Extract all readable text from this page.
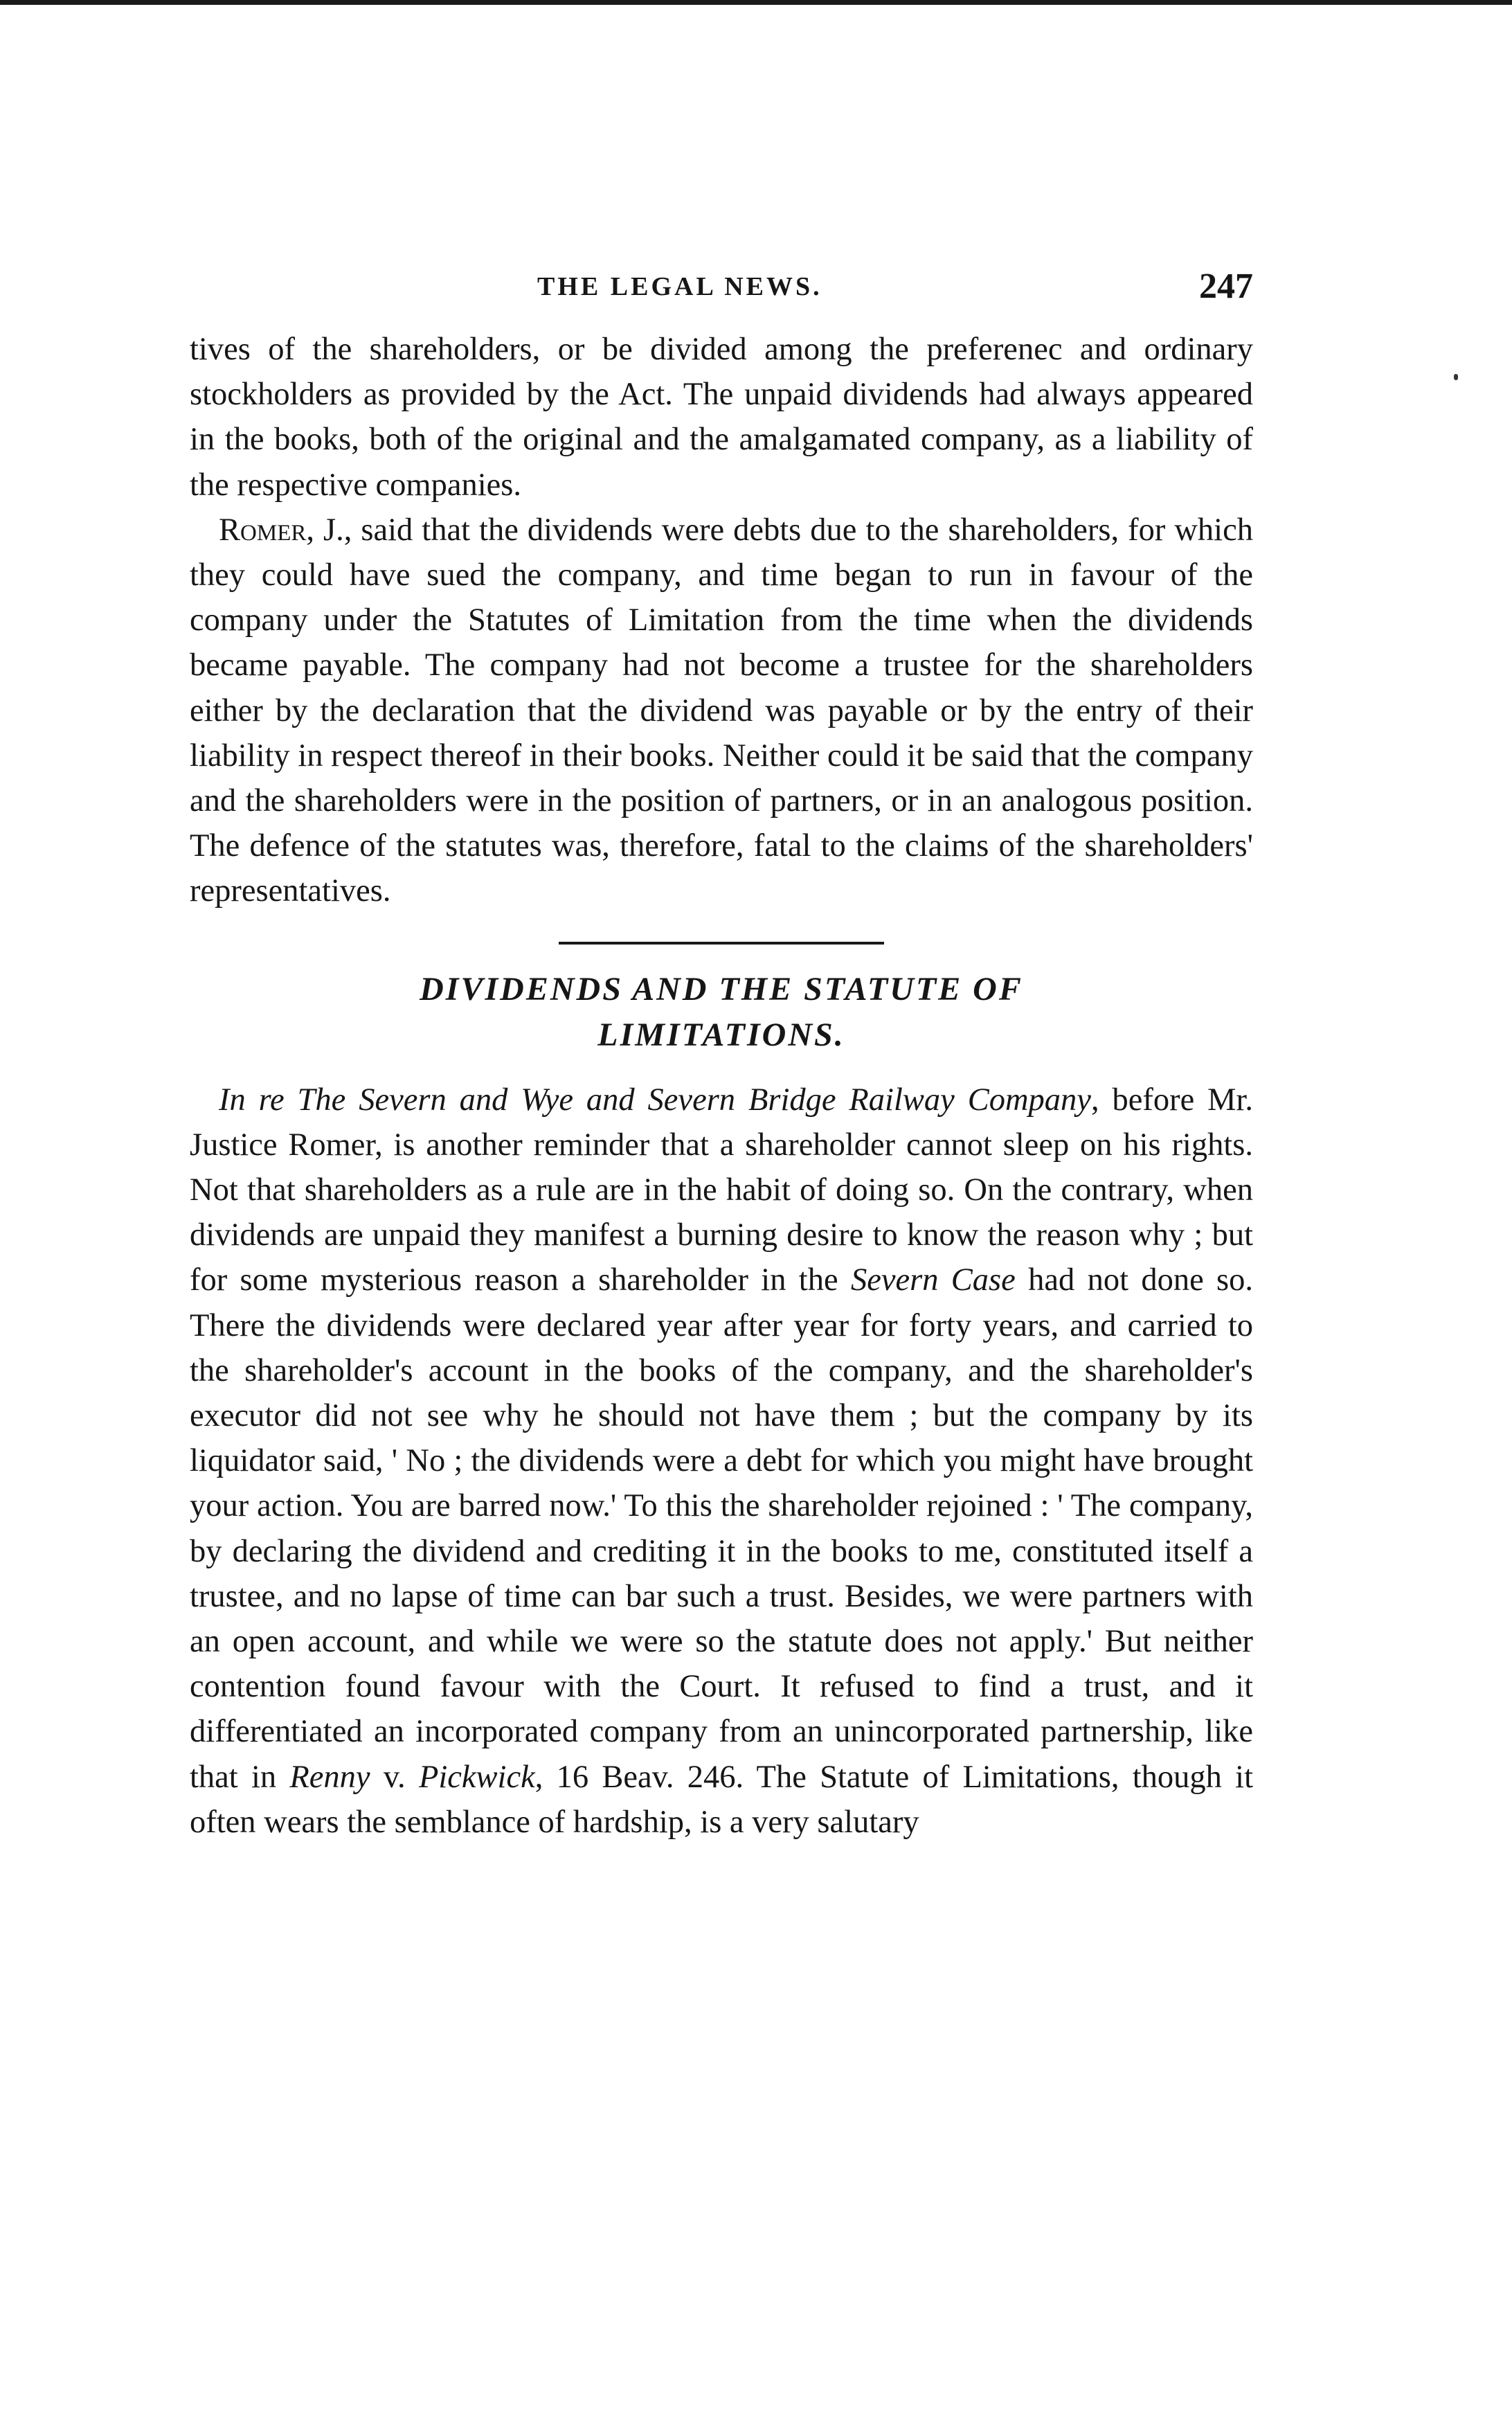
THE LEGAL NEWS.	247

tives of the shareholders, or be divided among the preferenec and ordinary stockholders as provided by the Act. The unpaid dividends had always appeared in the books, both of the original and the amalgamated company, as a liability of the respective companies.

Romer, J., said that the dividends were debts due to the shareholders, for which they could have sued the company, and time began to run in favour of the company under the Statutes of Limitation from the time when the dividends became payable. The company had not become a trustee for the shareholders either by the declaration that the dividend was payable or by the entry of their liability in respect thereof in their books. Neither could it be said that the company and the shareholders were in the position of partners, or in an analogous position. The defence of the statutes was, therefore, fatal to the claims of the shareholders' representatives.

DIVIDENDS AND THE STATUTE OF
LIMITATIONS.

In re The Severn and Wye and Severn Bridge Railway Company, before Mr. Justice Romer, is another reminder that a shareholder cannot sleep on his rights. Not that shareholders as a rule are in the habit of doing so. On the contrary, when dividends are unpaid they manifest a burning desire to know the reason why ; but for some mysterious reason a shareholder in the Severn Case had not done so. There the dividends were declared year after year for forty years, and carried to the shareholder's account in the books of the company, and the shareholder's executor did not see why he should not have them ; but the company by its liquidator said, ' No ; the dividends were a debt for which you might have brought your action. You are barred now.' To this the shareholder rejoined : ' The company, by declaring the dividend and crediting it in the books to me, constituted itself a trustee, and no lapse of time can bar such a trust. Besides, we were partners with an open account, and while we were so the statute does not apply.' But neither contention found favour with the Court. It refused to find a trust, and it differentiated an incorporated company from an unincorporated partnership, like that in Renny v. Pickwick, 16 Beav. 246. The Statute of Limitations, though it often wears the semblance of hardship, is a very salutary
